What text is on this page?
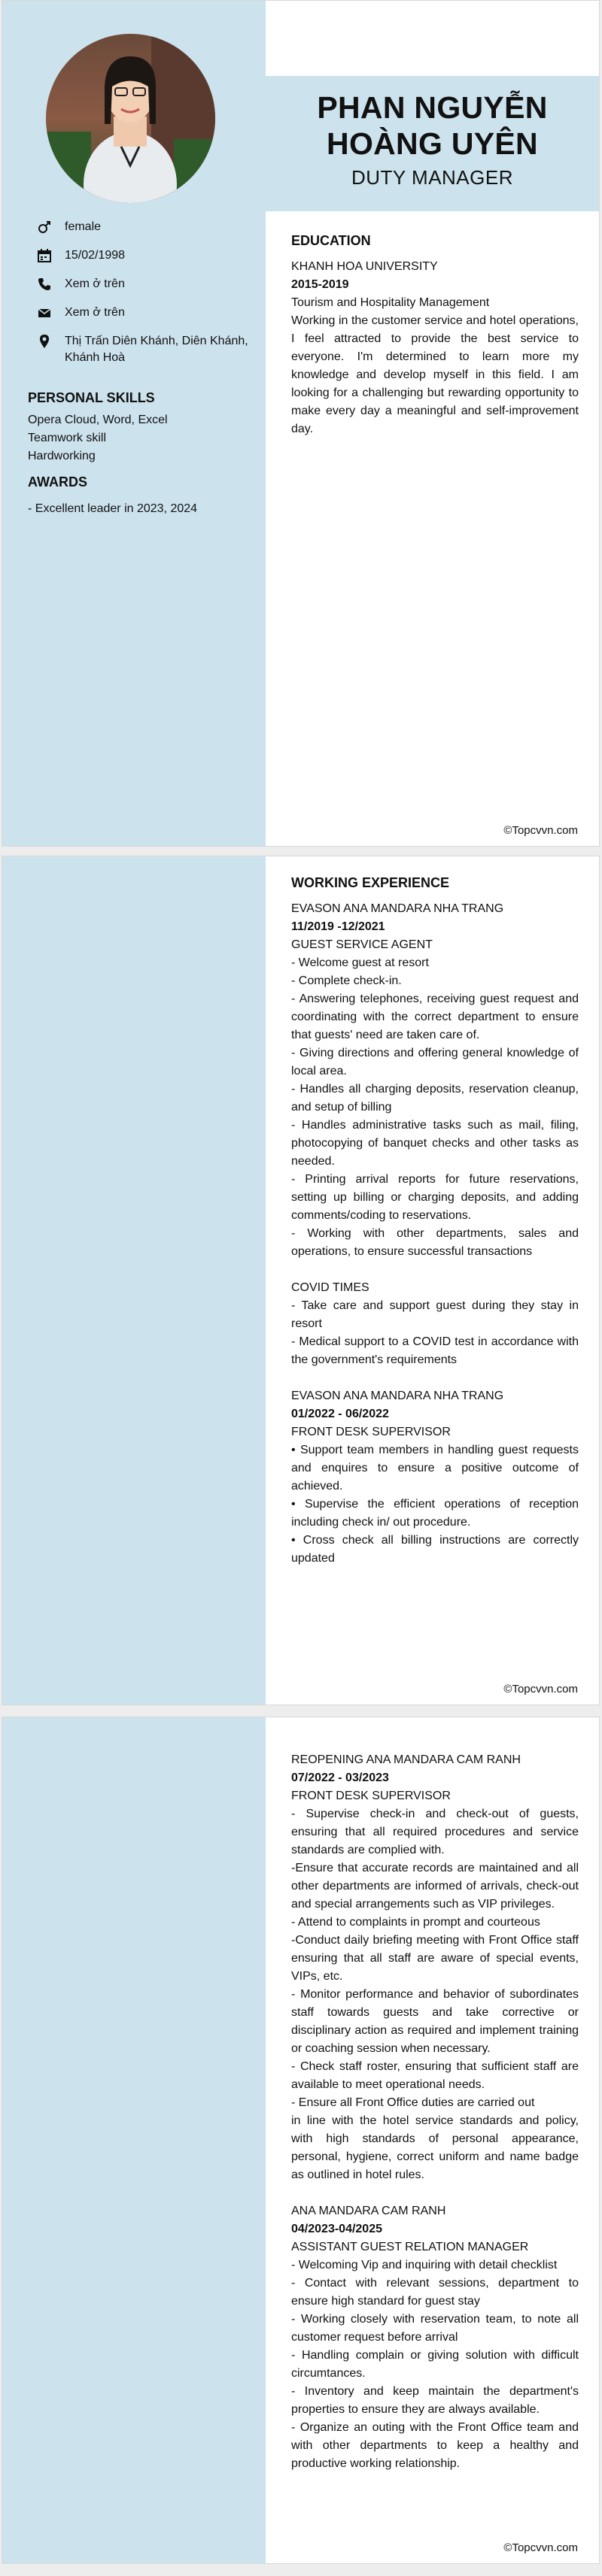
PHAN NGUYỄN HOÀNG UYÊN
DUTY MANAGER
female
15/02/1998
Xem ở trên
Xem ở trên
Thị Trấn Diên Khánh, Diên Khánh, Khánh Hoà
PERSONAL SKILLS
Opera Cloud, Word, Excel
Teamwork skill
Hardworking
AWARDS
- Excellent leader in 2023, 2024
EDUCATION
KHANH HOA UNIVERSITY
2015-2019
Tourism and Hospitality Management
Working in the customer service and hotel operations, I feel attracted to provide the best service to everyone. I'm determined to learn more my knowledge and develop myself in this field. I am looking for a challenging but rewarding opportunity to make every day a meaningful and self-improvement day.
©Topcvvn.com
WORKING EXPERIENCE
EVASON ANA MANDARA NHA TRANG
11/2019 -12/2021
GUEST SERVICE AGENT
- Welcome guest at resort
- Complete check-in.
- Answering telephones, receiving guest request and coordinating with the correct department to ensure that guests' need are taken care of.
- Giving directions and offering general knowledge of local area.
- Handles all charging deposits, reservation cleanup, and setup of billing
- Handles administrative tasks such as mail, filing, photocopying of banquet checks and other tasks as needed.
- Printing arrival reports for future reservations, setting up billing or charging deposits, and adding comments/coding to reservations.
- Working with other departments, sales and operations, to ensure successful transactions
COVID TIMES
- Take care and support guest during they stay in resort
- Medical support to a COVID test in accordance with the government's requirements
EVASON ANA MANDARA NHA TRANG
01/2022 - 06/2022
FRONT DESK SUPERVISOR
• Support team members in handling guest requests and enquires to ensure a positive outcome of achieved.
• Supervise the efficient operations of reception including check in/ out procedure.
• Cross check all billing instructions are correctly updated
©Topcvvn.com
REOPENING ANA MANDARA CAM RANH
07/2022 - 03/2023
FRONT DESK SUPERVISOR
- Supervise check-in and check-out of guests, ensuring that all required procedures and service standards are complied with.
-Ensure that accurate records are maintained and all other departments are informed of arrivals, check-out and special arrangements such as VIP privileges.
- Attend to complaints in prompt and courteous
-Conduct daily briefing meeting with Front Office staff ensuring that all staff are aware of special events, VIPs, etc.
- Monitor performance and behavior of subordinates staff towards guests and take corrective or disciplinary action as required and implement training or coaching session when necessary.
- Check staff roster, ensuring that sufficient staff are available to meet operational needs.
- Ensure all Front Office duties are carried out
in line with the hotel service standards and policy, with high standards of personal appearance, personal, hygiene, correct uniform and name badge as outlined in hotel rules.
ANA MANDARA CAM RANH
04/2023-04/2025
ASSISTANT GUEST RELATION MANAGER
- Welcoming Vip and inquiring with detail checklist
- Contact with relevant sessions, department to ensure high standard for guest stay
- Working closely with reservation team, to note all customer request before arrival
- Handling complain or giving solution with difficult circumtances.
- Inventory and keep maintain the department's properties to ensure they are always available.
- Organize an outing with the Front Office team and with other departments to keep a healthy and productive working relationship.
©Topcvvn.com
